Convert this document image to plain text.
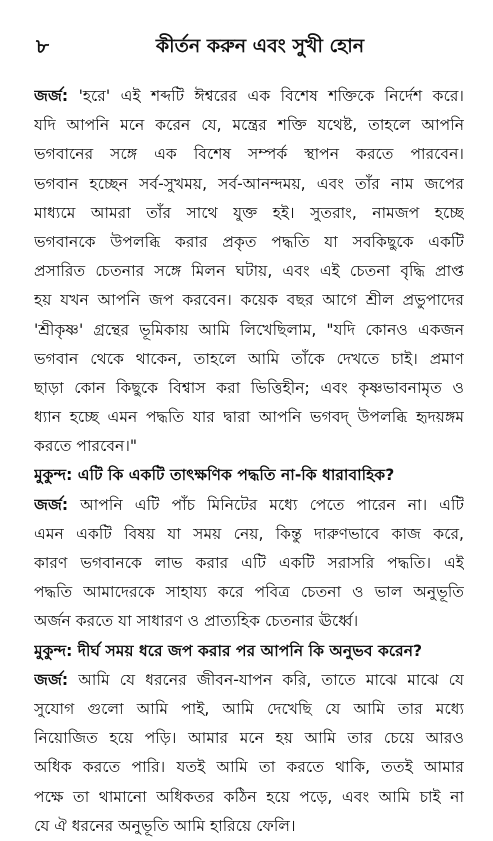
৮	কীর্তন করুন এবং সুখী হোন
জর্জ: 'হরে' এই শব্দটি ঈশ্বরের এক বিশেষ শক্তিকে নির্দেশ করে।
যদি আপনি মনে করেন যে, মন্ত্রের শক্তি যথেষ্ট, তাহলে আপনি
ভগবানের সঙ্গে এক বিশেষ সম্পর্ক স্থাপন করতে পারবেন।
ভগবান হচ্ছেন সর্ব-সুখময়, সর্ব-আনন্দময়, এবং তাঁর নাম জপের
মাধ্যমে আমরা তাঁর সাথে যুক্ত হই। সুতরাং, নামজপ হচ্ছে
ভগবানকে উপলব্ধি করার প্রকৃত পদ্ধতি যা সবকিছুকে একটি
প্রসারিত চেতনার সঙ্গে মিলন ঘটায়, এবং এই চেতনা বৃদ্ধি প্রাপ্ত
হয় যখন আপনি জপ করবেন। কয়েক বছর আগে শ্রীল প্রভুপাদের
'শ্রীকৃষ্ণ' গ্রন্থের ভূমিকায় আমি লিখেছিলাম, "যদি কোনও একজন
ভগবান থেকে থাকেন, তাহলে আমি তাঁকে দেখতে চাই। প্রমাণ
ছাড়া কোন কিছুকে বিশ্বাস করা ভিত্তিহীন; এবং কৃষ্ণভাবনামৃত ও
ধ্যান হচ্ছে এমন পদ্ধতি যার দ্বারা আপনি ভগবদ্ উপলব্ধি হৃদয়ঙ্গম
করতে পারবেন।"
মুকুন্দ: এটি কি একটি তাৎক্ষণিক পদ্ধতি না-কি ধারাবাহিক?
জর্জ: আপনি এটি পাঁচ মিনিটের মধ্যে পেতে পারেন না। এটি
এমন একটি বিষয় যা সময় নেয়, কিন্তু দারুণভাবে কাজ করে,
কারণ ভগবানকে লাভ করার এটি একটি সরাসরি পদ্ধতি। এই
পদ্ধতি আমাদেরকে সাহায্য করে পবিত্র চেতনা ও ভাল অনুভূতি
অর্জন করতে যা সাধারণ ও প্রাত্যহিক চেতনার ঊর্ধ্বে।
মুকুন্দ: দীর্ঘ সময় ধরে জপ করার পর আপনি কি অনুভব করেন?
জর্জ: আমি যে ধরনের জীবন-যাপন করি, তাতে মাঝে মাঝে যে
সুযোগ গুলো আমি পাই, আমি দেখেছি যে আমি তার মধ্যে
নিয়োজিত হয়ে পড়ি। আমার মনে হয় আমি তার চেয়ে আরও
অধিক করতে পারি। যতই আমি তা করতে থাকি, ততই আমার
পক্ষে তা থামানো অধিকতর কঠিন হয়ে পড়ে, এবং আমি চাই না
যে ঐ ধরনের অনুভূতি আমি হারিয়ে ফেলি।
